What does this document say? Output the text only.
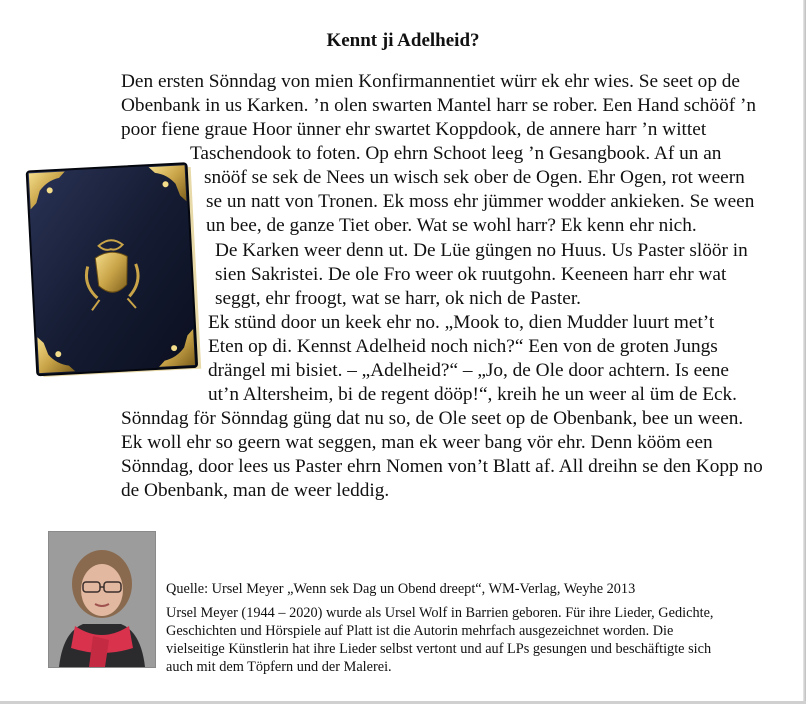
Kennt ji Adelheid?
Den ersten Sönndag von mien Konfirmannentiet würr ek ehr wies. Se seet op de
Obenbank in us Karken. ’n olen swarten Mantel harr se rober. Een Hand schööf ’n
poor fiene graue Hoor ünner ehr swartet Koppdook, de annere harr ’n wittet
Taschendook to foten. Op ehrn Schoot leeg ’n Gesangbook. Af un an
snööf se sek de Nees un wisch sek ober de Ogen. Ehr Ogen, rot weern
se un natt von Tronen. Ek moss ehr jümmer wodder ankieken. Se ween
un bee, de ganze Tiet ober. Wat se wohl harr? Ek kenn ehr nich.
De Karken weer denn ut. De Lüe güngen no Huus. Us Paster slöör in
sien Sakristei. De ole Fro weer ok ruutgohn. Keeneen harr ehr wat
seggt, ehr froogt, wat se harr, ok nich de Paster.
Ek stünd door un keek ehr no. „Mook to, dien Mudder luurt met’t
Eten op di. Kennst Adelheid noch nich?“ Een von de groten Jungs
drängel mi bisiet. – „Adelheid?“ – „Jo, de Ole door achtern. Is eene
ut’n Altersheim, bi de regent dööр!“, kreih he un weer al üm de Eck.
Sönndag för Sönndag güng dat nu so, de Ole seet op de Obenbank, bee un ween.
Ek woll ehr so geern wat seggen, man ek weer bang vör ehr. Denn kööm een
Sönndag, door lees us Paster ehrn Nomen von’t Blatt af. All dreihn se den Kopp no
de Obenbank, man de weer leddig.
Quelle: Ursel Meyer „Wenn sek Dag un Obend dreept“, WM-Verlag, Weyhe 2013
Ursel Meyer (1944 – 2020) wurde als Ursel Wolf in Barrien geboren. Für ihre Lieder, Gedichte,
Geschichten und Hörspiele auf Platt ist die Autorin mehrfach ausgezeichnet worden. Die
vielseitige Künstlerin hat ihre Lieder selbst vertont und auf LPs gesungen und beschäftigte sich
auch mit dem Töpfern und der Malerei.
